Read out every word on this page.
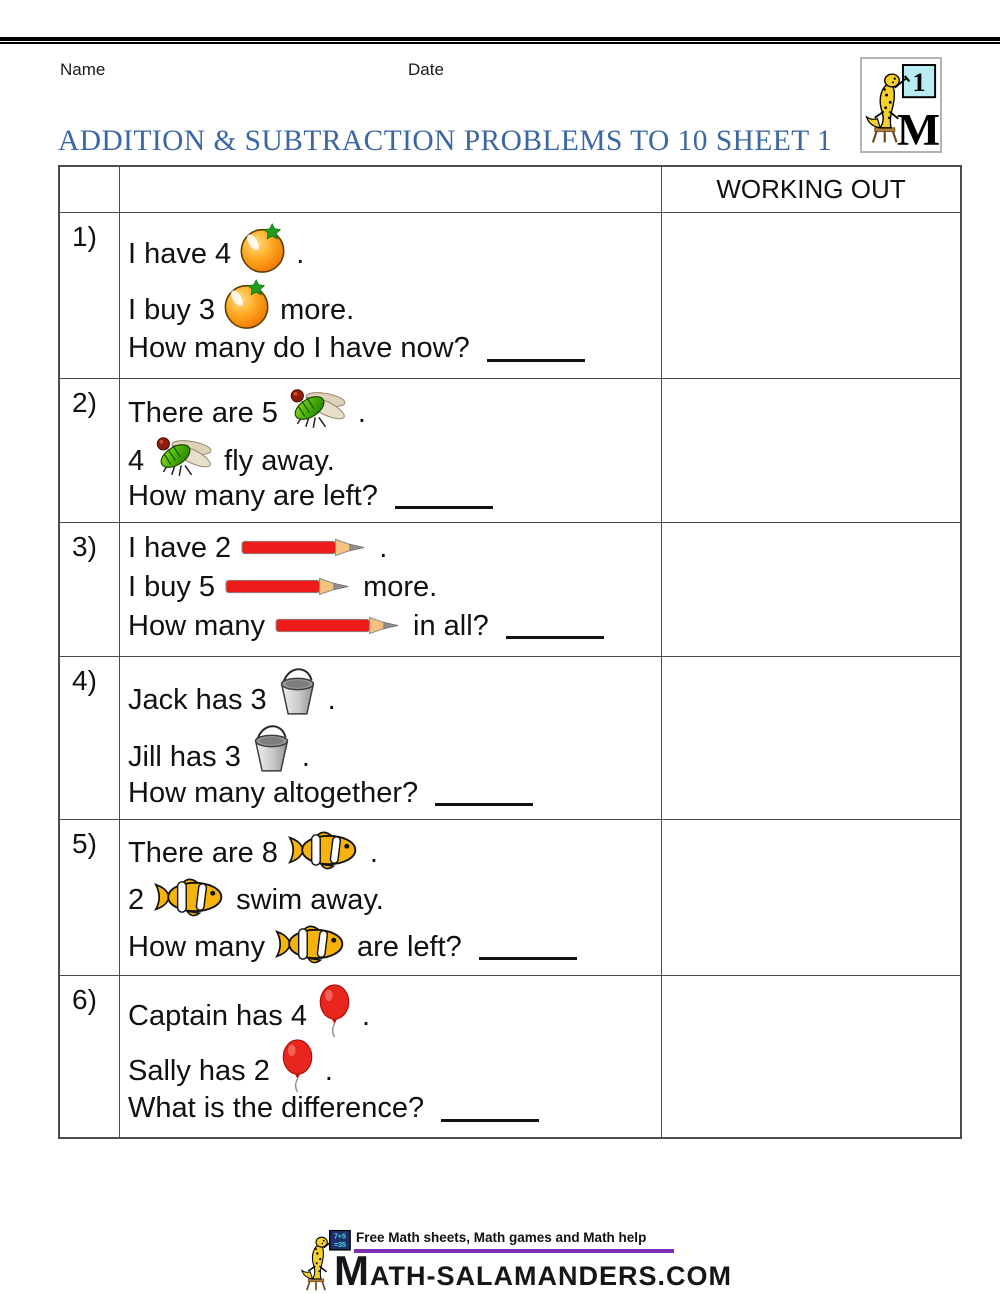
Name	Date
M
1
ADDITION & SUBTRACTION PROBLEMS TO 10 SHEET 1
WORKING OUT
1)
I have 4 .
I buy 3 more.
How many do I have now?
2)	There are 5	.
4	fly away.
How many are left?
3)	I have 2	.
I buy 5	more.
How many	in all?
4)
Jack has 3 .
Jill has 3 .
How many altogether?
5)	There are 8	.
2	swim away.
How many	are left?
6)
Captain has 4 .
Sally has 2 .
What is the difference?
7+5
=35
Free Math sheets, Math games and Math help
MATH-SALAMANDERS.COM
